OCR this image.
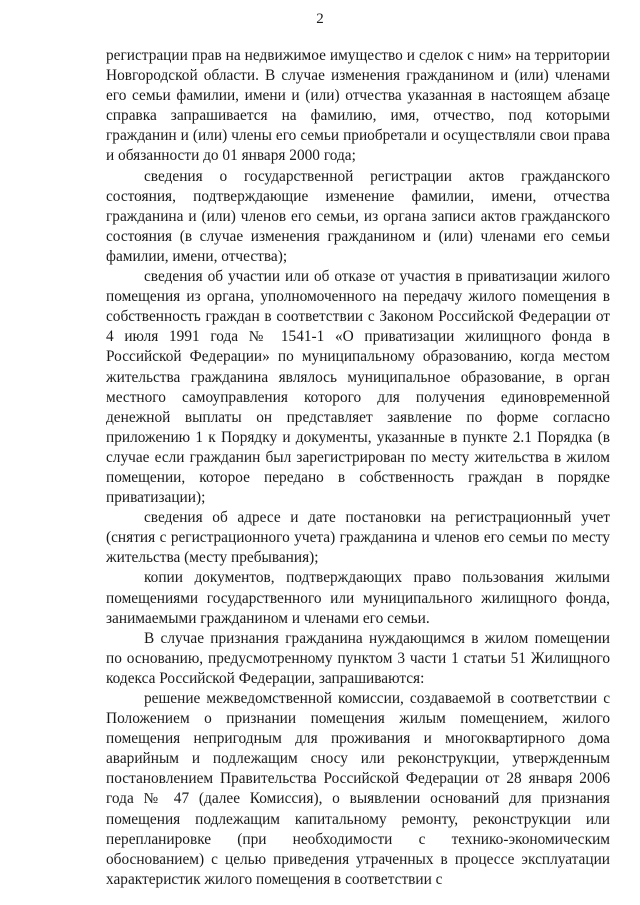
2

регистрации прав на недвижимое имущество и сделок с ним» на территории Новгородской области. В случае изменения гражданином и (или) членами его семьи фамилии, имени и (или) отчества указанная в настоящем абзаце справка запрашивается на фамилию, имя, отчество, под которыми гражданин и (или) члены его семьи приобретали и осуществляли свои права и обязанности до 01 января 2000 года;

сведения о государственной регистрации актов гражданского состояния, подтверждающие изменение фамилии, имени, отчества гражданина и (или) членов его семьи, из органа записи актов гражданского состояния (в случае изменения гражданином и (или) членами его семьи фамилии, имени, отчества);

сведения об участии или об отказе от участия в приватизации жилого помещения из органа, уполномоченного на передачу жилого помещения в собственность граждан в соответствии с Законом Российской Федерации от 4 июля 1991 года № 1541-1 «О приватизации жилищного фонда в Российской Федерации» по муниципальному образованию, когда местом жительства гражданина являлось муниципальное образование, в орган местного самоуправления которого для получения единовременной денежной выплаты он представляет заявление по форме согласно приложению 1 к Порядку и документы, указанные в пункте 2.1 Порядка (в случае если гражданин был зарегистрирован по месту жительства в жилом помещении, которое передано в собственность граждан в порядке приватизации);

сведения об адресе и дате постановки на регистрационный учет (снятия с регистрационного учета) гражданина и членов его семьи по месту жительства (месту пребывания);

копии документов, подтверждающих право пользования жилыми помещениями государственного или муниципального жилищного фонда, занимаемыми гражданином и членами его семьи.

В случае признания гражданина нуждающимся в жилом помещении по основанию, предусмотренному пунктом 3 части 1 статьи 51 Жилищного кодекса Российской Федерации, запрашиваются:

решение межведомственной комиссии, создаваемой в соответствии с Положением о признании помещения жилым помещением, жилого помещения непригодным для проживания и многоквартирного дома аварийным и подлежащим сносу или реконструкции, утвержденным постановлением Правительства Российской Федерации от 28 января 2006 года № 47 (далее Комиссия), о выявлении оснований для признания помещения подлежащим капитальному ремонту, реконструкции или перепланировке (при необходимости с технико-экономическим обоснованием) с целью приведения утраченных в процессе эксплуатации характеристик жилого помещения в соответствии с
